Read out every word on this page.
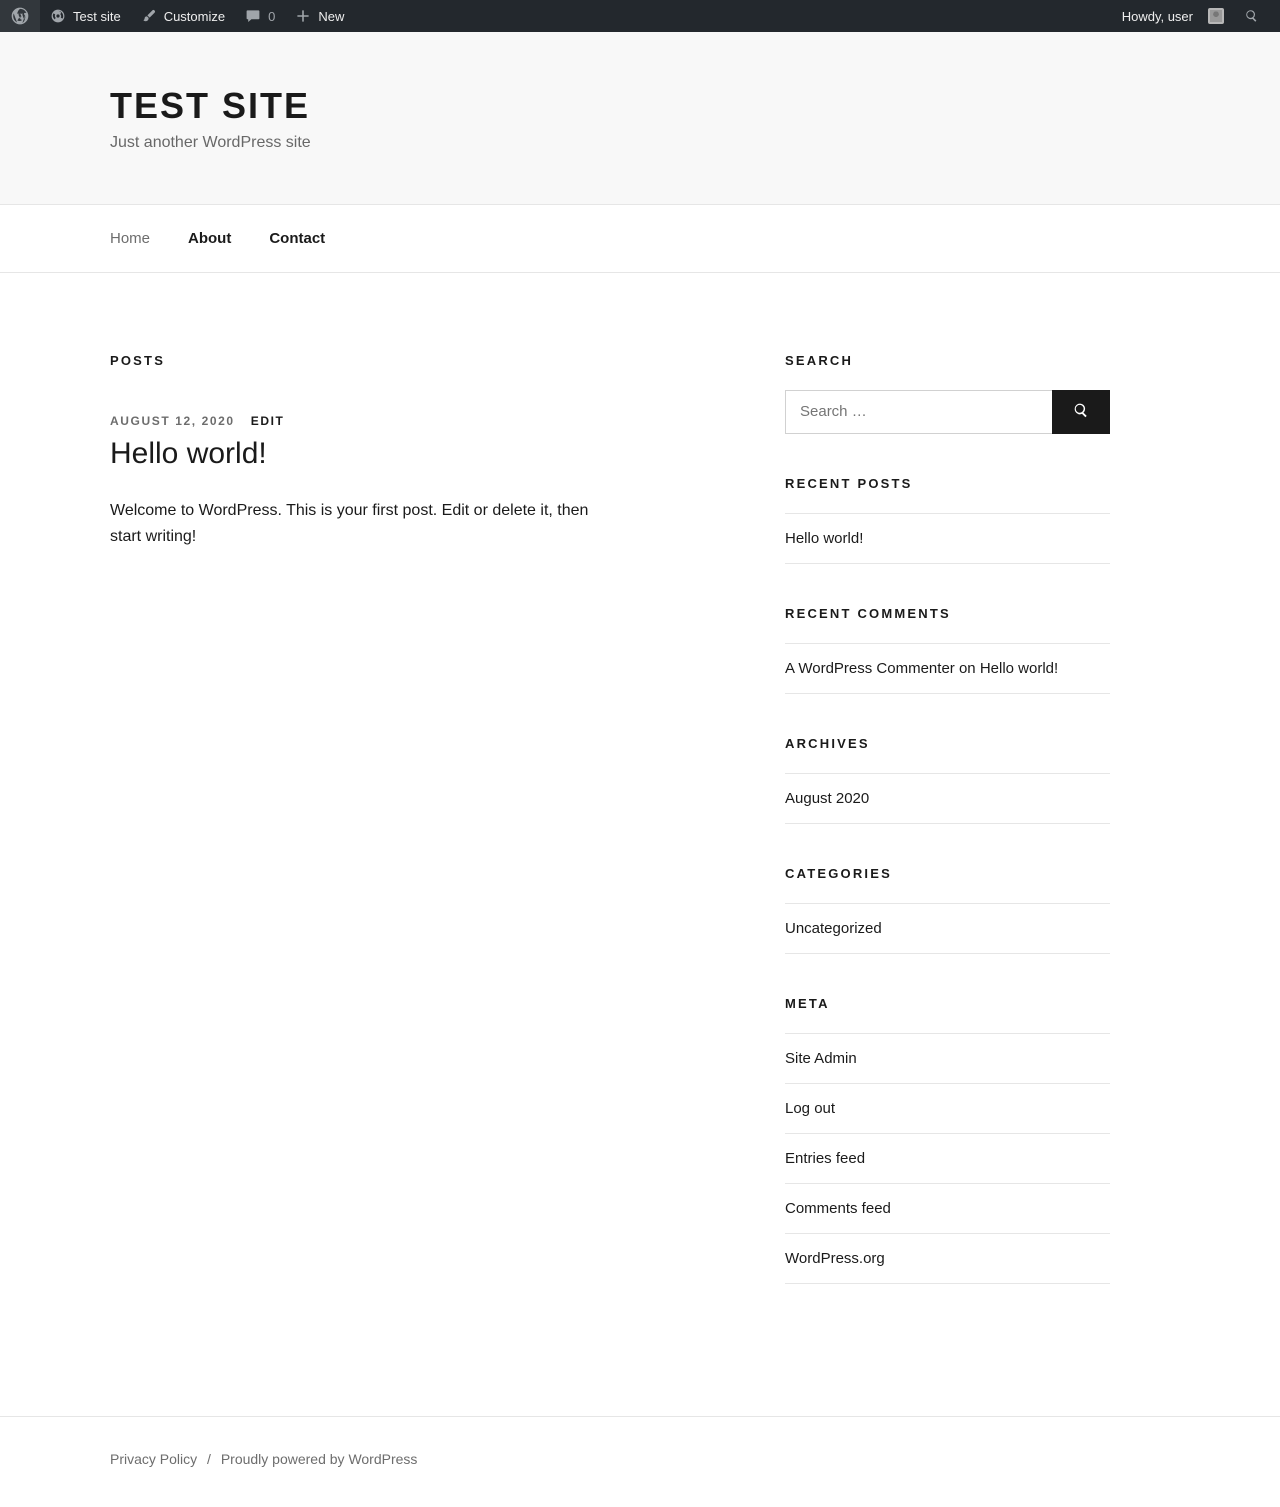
Test site	Customize	0	New	Howdy, user
TEST SITE

Just another WordPress site

Home	About	Contact
POSTS
AUGUST 12, 2020 EDIT
Hello world!

Welcome to WordPress. This is your first post. Edit or delete it, then start writing!

SEARCH
Search …
RECENT POSTS
Hello world!
RECENT COMMENTS
A WordPress Commenter on Hello world!
ARCHIVES
August 2020
CATEGORIES
Uncategorized
META
Site Admin
Log out
Entries feed
Comments feed
WordPress.org
Privacy Policy / Proudly powered by WordPress
